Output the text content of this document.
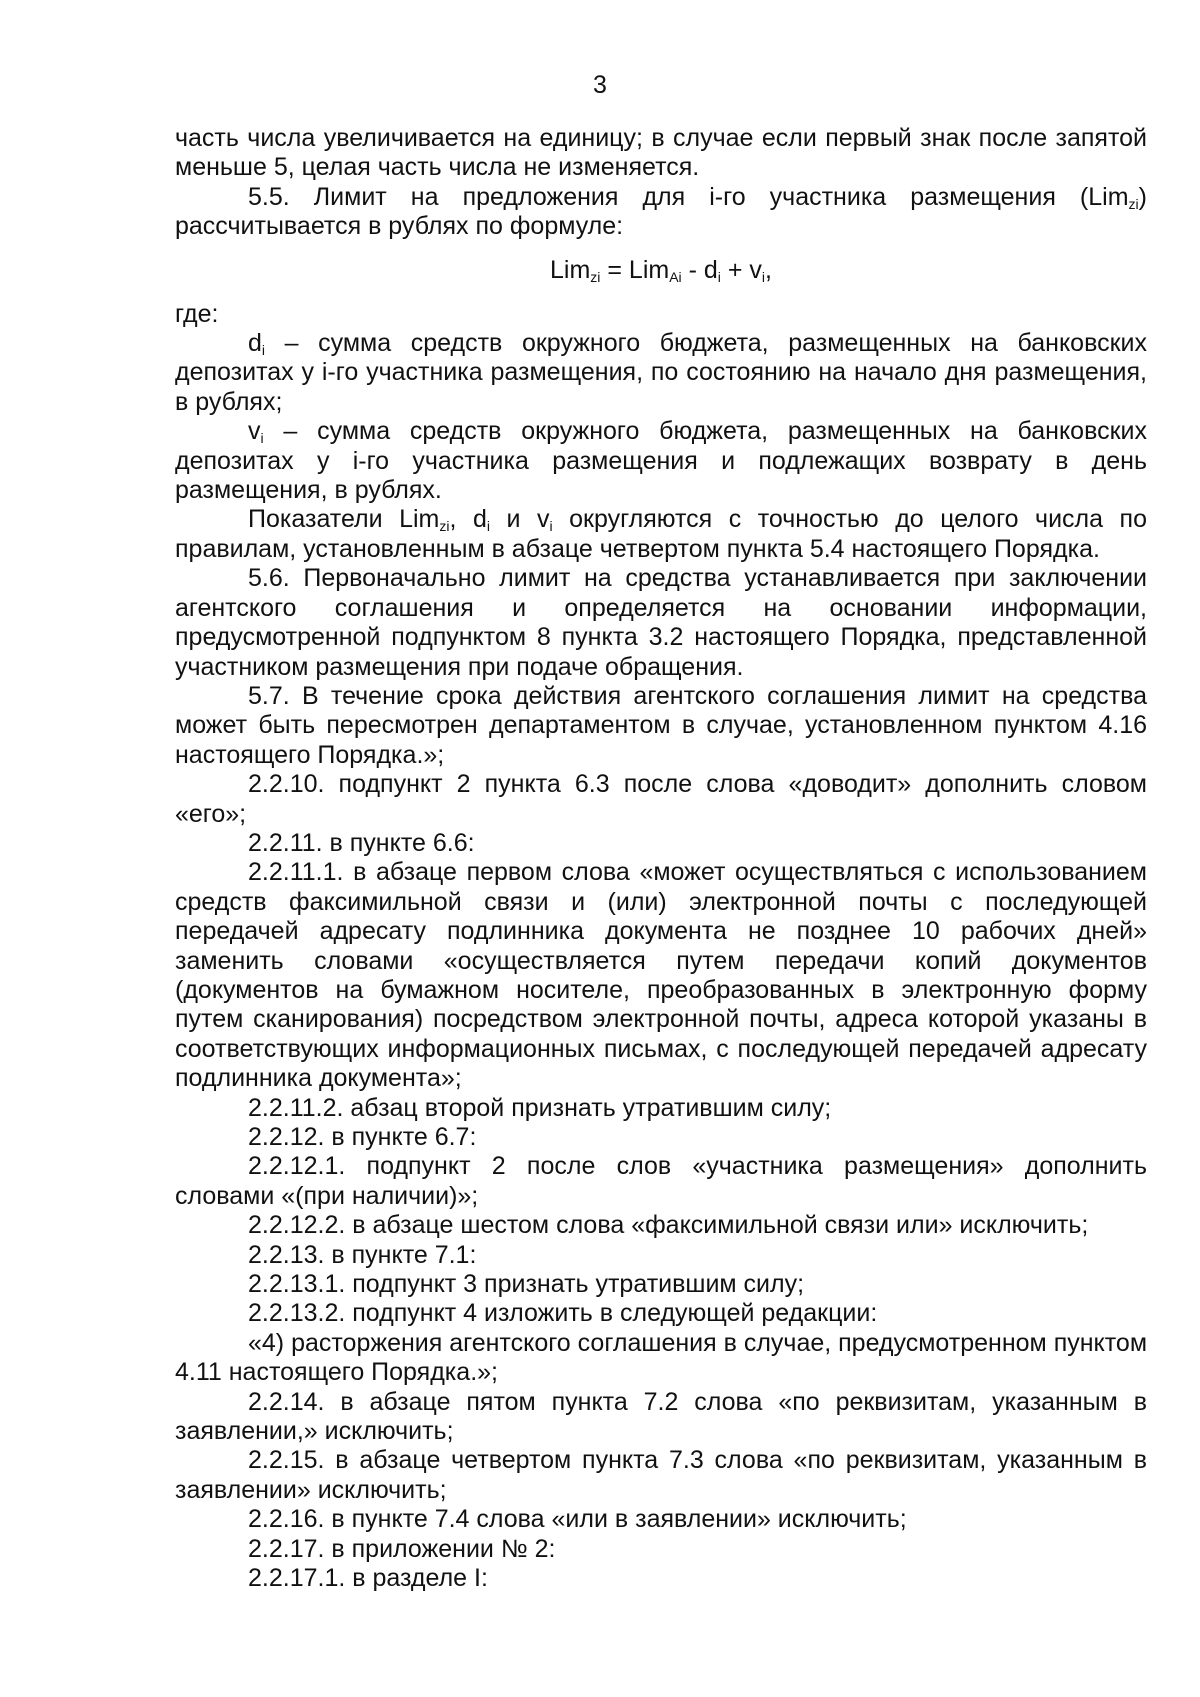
3

часть числа увеличивается на единицу; в случае если первый знак после запятой меньше 5, целая часть числа не изменяется.

5.5. Лимит на предложения для i-го участника размещения (Lim$_{zi}$) рассчитывается в рублях по формуле:

$Lim_{zi} = Lim_{Ai} - d_i + v_i$,

где:

$d_i$ – сумма средств окружного бюджета, размещенных на банковских депозитах у i-го участника размещения, по состоянию на начало дня размещения, в рублях;

$v_i$ – сумма средств окружного бюджета, размещенных на банковских депозитах у i-го участника размещения и подлежащих возврату в день размещения, в рублях.

Показатели Lim$_{zi}$, $d_i$ и $v_i$ округляются с точностью до целого числа по правилам, установленным в абзаце четвертом пункта 5.4 настоящего Порядка.

5.6. Первоначально лимит на средства устанавливается при заключении агентского соглашения и определяется на основании информации, предусмотренной подпунктом 8 пункта 3.2 настоящего Порядка, представленной участником размещения при подаче обращения.

5.7. В течение срока действия агентского соглашения лимит на средства может быть пересмотрен департаментом в случае, установленном пунктом 4.16 настоящего Порядка.»;

2.2.10. подпункт 2 пункта 6.3 после слова «доводит» дополнить словом «его»;

2.2.11. в пункте 6.6:

2.2.11.1. в абзаце первом слова «может осуществляться с использованием средств факсимильной связи и (или) электронной почты с последующей передачей адресату подлинника документа не позднее 10 рабочих дней» заменить словами «осуществляется путем передачи копий документов (документов на бумажном носителе, преобразованных в электронную форму путем сканирования) посредством электронной почты, адреса которой указаны в соответствующих информационных письмах, с последующей передачей адресату подлинника документа»;

2.2.11.2. абзац второй признать утратившим силу;

2.2.12. в пункте 6.7:

2.2.12.1. подпункт 2 после слов «участника размещения» дополнить словами «(при наличии)»;

2.2.12.2. в абзаце шестом слова «факсимильной связи или» исключить;

2.2.13. в пункте 7.1:

2.2.13.1. подпункт 3 признать утратившим силу;

2.2.13.2. подпункт 4 изложить в следующей редакции:

«4) расторжения агентского соглашения в случае, предусмотренном пунктом 4.11 настоящего Порядка.»;

2.2.14. в абзаце пятом пункта 7.2 слова «по реквизитам, указанным в заявлении,» исключить;

2.2.15. в абзаце четвертом пункта 7.3 слова «по реквизитам, указанным в заявлении» исключить;

2.2.16. в пункте 7.4 слова «или в заявлении» исключить;

2.2.17. в приложении № 2:

2.2.17.1. в разделе I:
